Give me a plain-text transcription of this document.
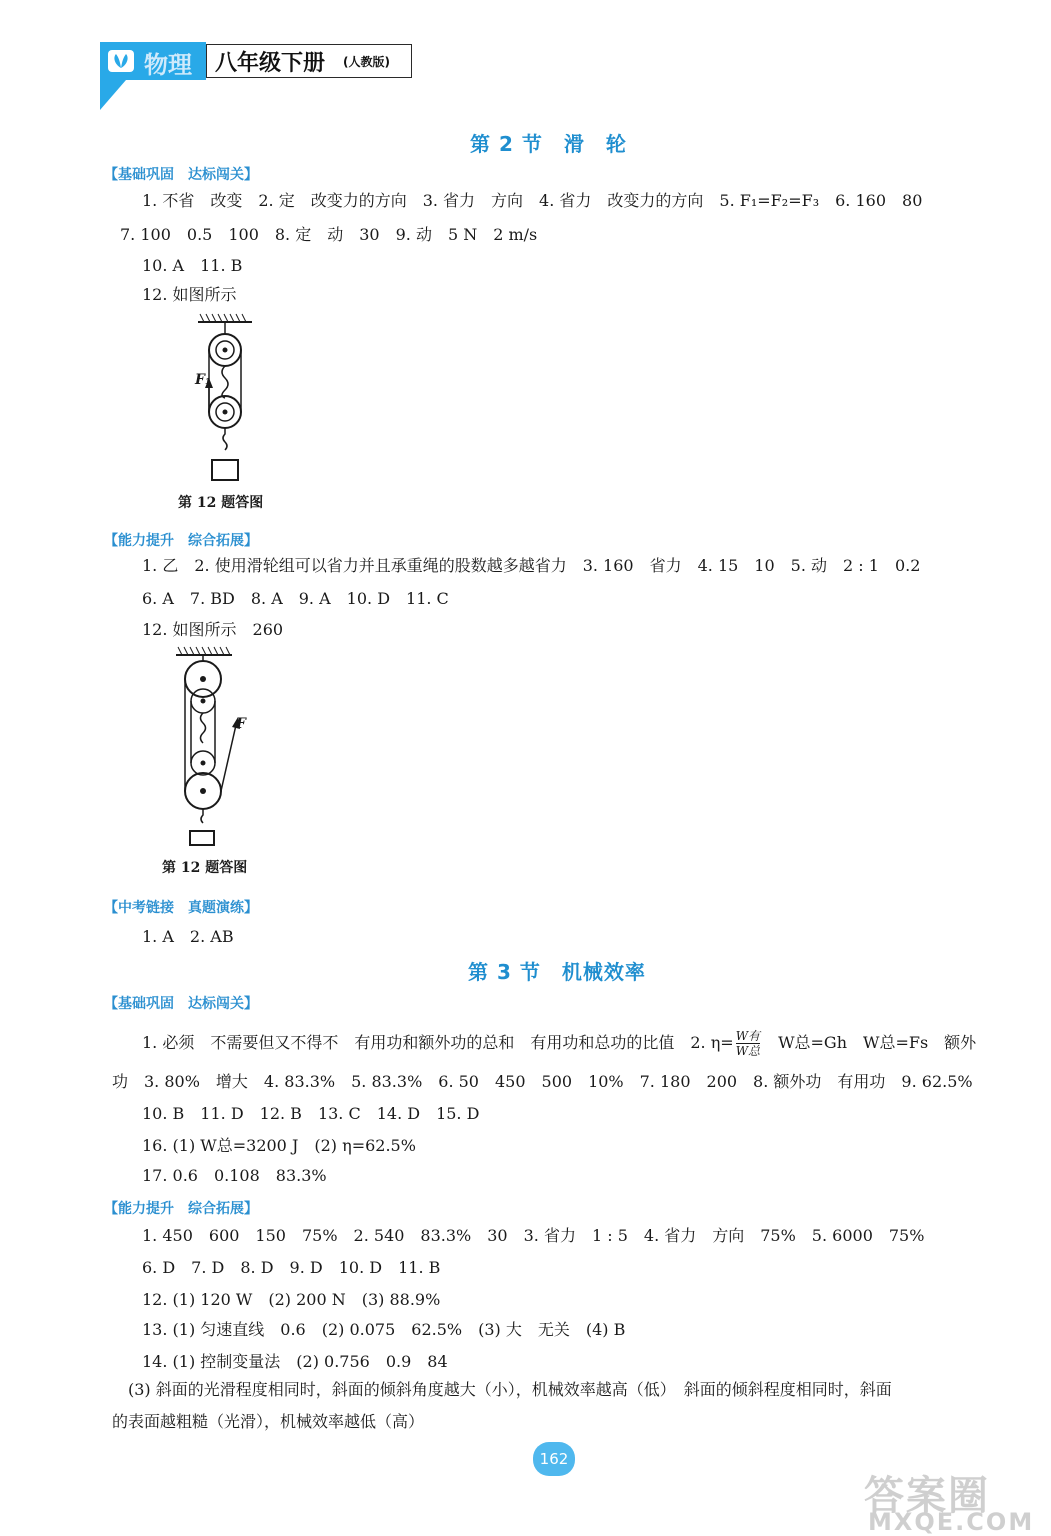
物理 八年级下册 (人教版)
第 2 节　滑　轮
【基础巩固　达标闯关】
1. 不省　改变　2. 定　改变力的方向　3. 省力　方向　4. 省力　改变力的方向　5. F₁=F₂=F₃　6. 160　80
7. 100　0.5　100　8. 定　动　30　9. 动　5 N　2 m/s
10. A　11. B
12. 如图所示
F₁
第 12 题答图
【能力提升　综合拓展】
1. 乙　2. 使用滑轮组可以省力并且承重绳的股数越多越省力　3. 160　省力　4. 15　10　5. 动　2 : 1　0.2
6. A　7. BD　8. A　9. A　10. D　11. C
12. 如图所示　260
F
第 12 题答图
【中考链接　真题演练】
1. A　2. AB
第 3 节　机械效率
【基础巩固　达标闯关】
1. 必须　不需要但又不得不　有用功和额外功的总和　有用功和总功的比值　2. $\eta= \frac{\text{W有}}{\text{W总}}$
　 W总=Gh　W总=Fs　额外
功　3. 80%　增大　4. 83.3%　5. 83.3%　6. 50　450　500　10%　7. 180　200　8. 额外功　有用功　9. 62.5%
10. B　11. D　12. B　13. C　14. D　15. D
16. (1) W总=3200 J　(2) η=62.5%
17. 0.6　0.108　83.3%
【能力提升　综合拓展】
1. 450　600　150　75%　2. 540　83.3%　30　3. 省力　1 : 5　4. 省力　方向　75%　5. 6000　75%
6. D　7. D　8. D　9. D　10. D　11. B
12. (1) 120 W　(2) 200 N　(3) 88.9%
13. (1) 匀速直线　0.6　(2) 0.075　62.5%　(3) 大　无关　(4) B
14. (1) 控制变量法　(2) 0.756　0.9　84
(3) 斜面的光滑程度相同时，斜面的倾斜角度越大（小），机械效率越高（低）　斜面的倾斜程度相同时，斜面
的表面越粗糙（光滑），机械效率越低（高）
162
答案圈
MXQE.COM
